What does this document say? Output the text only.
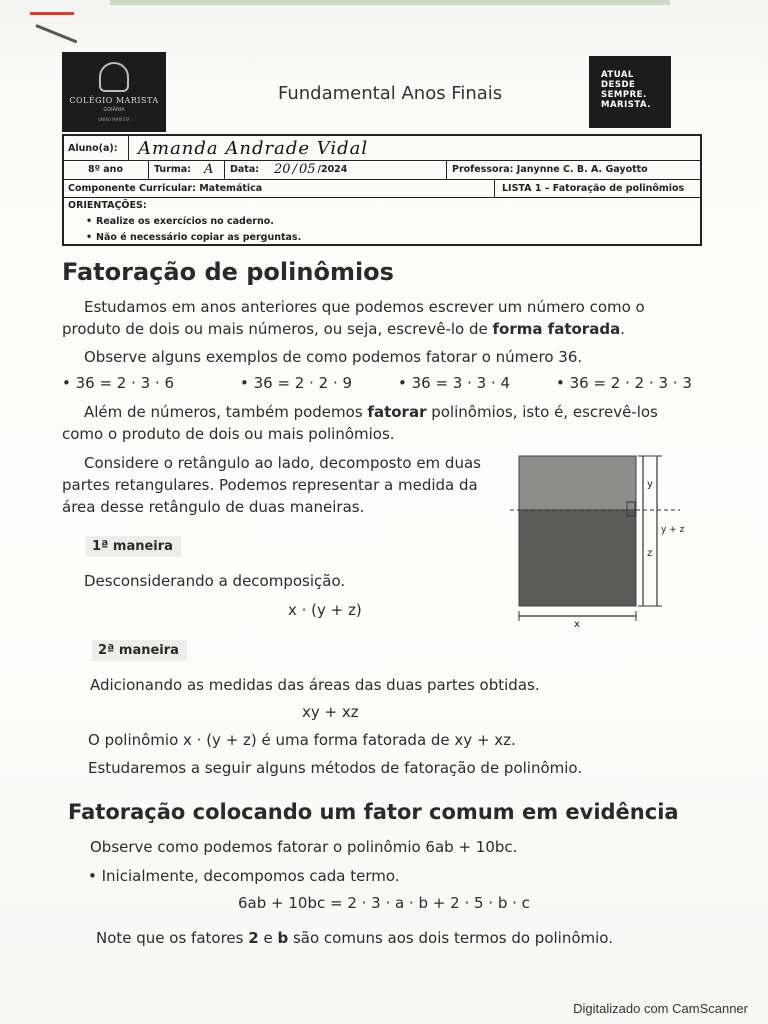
COLÉGIO MARISTA
GOIÂNIA
UNIÃO MARISTA
Fundamental Anos Finais
ATUAL
DESDE
SEMPRE.
MARISTA.
Aluno(a):	Amanda Andrade Vidal
8º ano	Turma:	A	Data:	20 / 05 /2024	Professora: Janynne C. B. A. Gayotto
Componente Curricular: Matemática	LISTA 1 – Fatoração de polinômios
ORIENTAÇÕES:
• Realize os exercícios no caderno.
• Não é necessário copiar as perguntas.
Fatoração de polinômios
Estudamos em anos anteriores que podemos escrever um número como o
produto de dois ou mais números, ou seja, escrevê-lo de forma fatorada.
Observe alguns exemplos de como podemos fatorar o número 36.
• 36 = 2 · 3 · 6	• 36 = 2 · 2 · 9	• 36 = 3 · 3 · 4	• 36 = 2 · 2 · 3 · 3
Além de números, também podemos fatorar polinômios, isto é, escrevê-los
como o produto de dois ou mais polinômios.
Considere o retângulo ao lado, decomposto em duas
partes retangulares. Podemos representar a medida da
área desse retângulo de duas maneiras.
y
z
y + z
x
1ª maneira
Desconsiderando a decomposição.
x · (y + z)
2ª maneira
Adicionando as medidas das áreas das duas partes obtidas.
xy + xz
O polinômio x · (y + z) é uma forma fatorada de xy + xz.
Estudaremos a seguir alguns métodos de fatoração de polinômio.
Fatoração colocando um fator comum em evidência
Observe como podemos fatorar o polinômio 6ab + 10bc.
• Inicialmente, decompomos cada termo.
6ab + 10bc = 2 · 3 · a · b + 2 · 5 · b · c
Note que os fatores 2 e b são comuns aos dois termos do polinômio.
Digitalizado com CamScanner
